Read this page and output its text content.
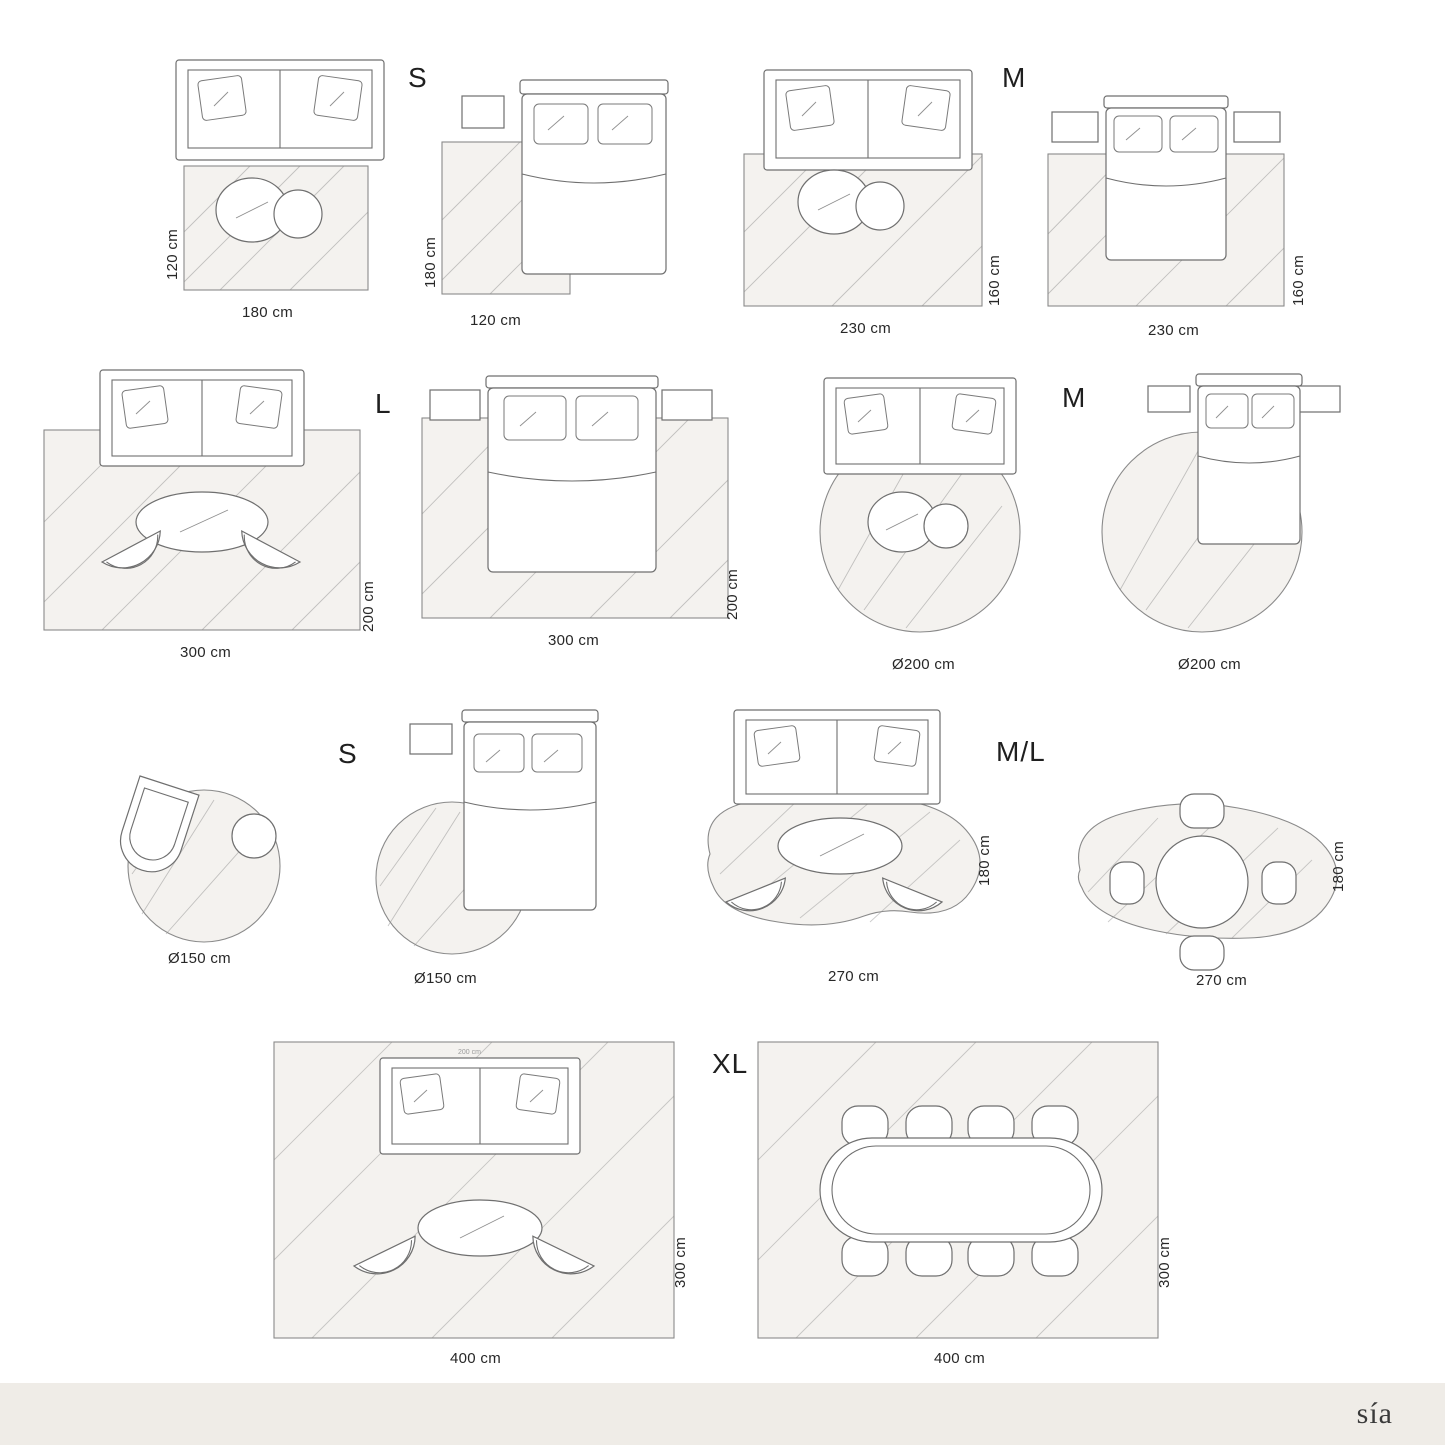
180 cm
120 cm
S
120 cm
180 cm
230 cm
160 cm
M
230 cm
160 cm
300 cm
200 cm
L
300 cm
200 cm
Ø200 cm	Ø200 cm
M
Ø150 cm
Ø150 cm
S
270 cm
180 cm
M/L
270 cm
180 cm
200 cm
400 cm
300 cm
XL
400 cm
300 cm
sía
